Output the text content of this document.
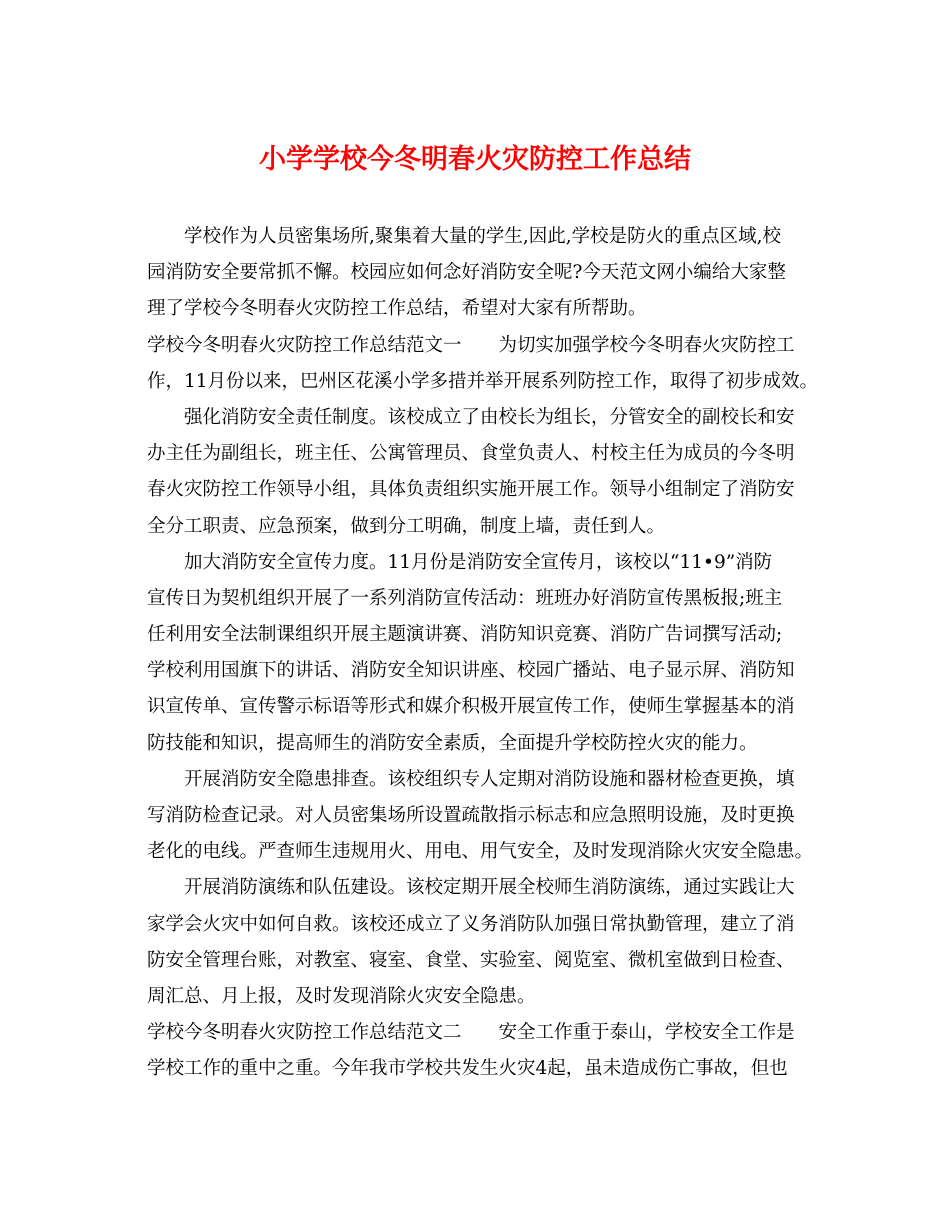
小学学校今冬明春火灾防控工作总结
学校作为人员密集场所,聚集着大量的学生,因此,学校是防火的重点区域,校
园消防安全要常抓不懈。校园应如何念好消防安全呢?今天范文网小编给大家整
理了学校今冬明春火灾防控工作总结，希望对大家有所帮助。
学校今冬明春火灾防控工作总结范文一　　为切实加强学校今冬明春火灾防控工
作，11月份以来，巴州区花溪小学多措并举开展系列防控工作，取得了初步成效。
强化消防安全责任制度。该校成立了由校长为组长，分管安全的副校长和安
办主任为副组长，班主任、公寓管理员、食堂负责人、村校主任为成员的今冬明
春火灾防控工作领导小组，具体负责组织实施开展工作。领导小组制定了消防安
全分工职责、应急预案，做到分工明确，制度上墙，责任到人。
加大消防安全宣传力度。11月份是消防安全宣传月，该校以“11•9”消防
宣传日为契机组织开展了一系列消防宣传活动：班班办好消防宣传黑板报;班主
任利用安全法制课组织开展主题演讲赛、消防知识竞赛、消防广告词撰写活动;
学校利用国旗下的讲话、消防安全知识讲座、校园广播站、电子显示屏、消防知
识宣传单、宣传警示标语等形式和媒介积极开展宣传工作，使师生掌握基本的消
防技能和知识，提高师生的消防安全素质，全面提升学校防控火灾的能力。
开展消防安全隐患排查。该校组织专人定期对消防设施和器材检查更换，填
写消防检查记录。对人员密集场所设置疏散指示标志和应急照明设施，及时更换
老化的电线。严查师生违规用火、用电、用气安全，及时发现消除火灾安全隐患。
开展消防演练和队伍建设。该校定期开展全校师生消防演练，通过实践让大
家学会火灾中如何自救。该校还成立了义务消防队加强日常执勤管理，建立了消
防安全管理台账，对教室、寝室、食堂、实验室、阅览室、微机室做到日检查、
周汇总、月上报，及时发现消除火灾安全隐患。
学校今冬明春火灾防控工作总结范文二　　安全工作重于泰山，学校安全工作是
学校工作的重中之重。今年我市学校共发生火灾4起，虽未造成伤亡事故，但也
